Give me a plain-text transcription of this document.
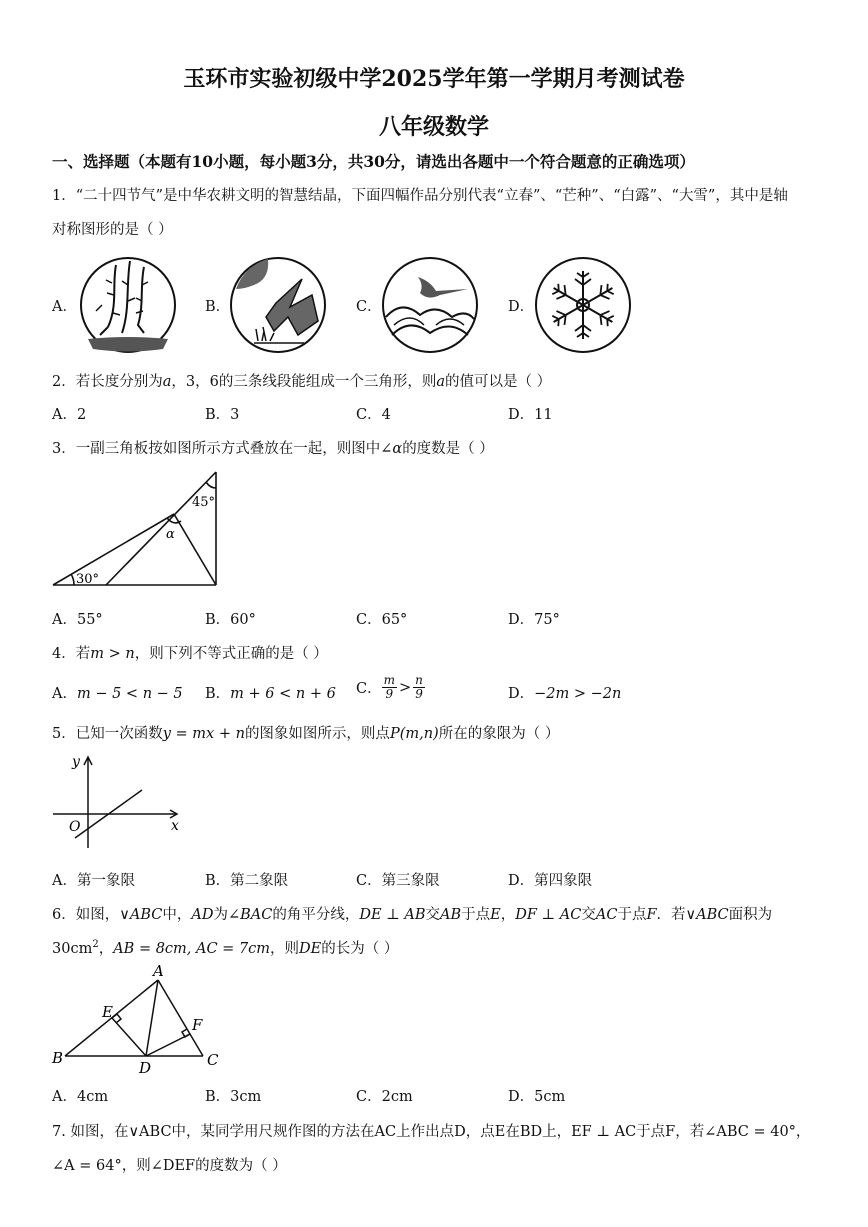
玉环市实验初级中学2025学年第一学期月考测试卷
八年级数学
一、选择题（本题有10小题，每小题3分，共30分，请选出各题中一个符合题意的正确选项）
1．“二十四节气”是中华农耕文明的智慧结晶，下面四幅作品分别代表“立春”、“芒种”、“白露”、“大雪”，其中是轴
对称图形的是（ ）
A．	B．	C．	D．
2．若长度分别为a，3，6的三条线段能组成一个三角形，则a的值可以是（ ）
A．2	B．3	C．4	D．11
3．一副三角板按如图所示方式叠放在一起，则图中∠α的度数是（ ）
45°
α
30°
A．55°	B．60°	C．65°	D．75°
4．若m > n，则下列不等式正确的是（ ）
A．m − 5 < n − 5 B．m + 6 < n + 6 C． $\frac{m}{9} > \frac{n}{9}$	D．−2m > −2n
5．已知一次函数y = mx + n的图象如图所示，则点P(m,n)所在的象限为（ ）
y
x
O
A．第一象限	B．第二象限	C．第三象限	D．第四象限
6．如图，∨ABC中，AD为∠BAC的角平分线，DE ⊥ AB交AB于点E，DF ⊥ AC交AC于点F．若∨ABC面积为
$30cm^2$，AB = 8cm, AC = 7cm，则DE的长为（ ）
A
B	C
D
E
F
A．4cm	B．3cm	C．2cm	D．5cm
7. 如图，在∨ABC中，某同学用尺规作图的方法在AC上作出点D，点E在BD上，EF ⊥ AC于点F，若∠ABC = 40°，
∠A = 64°，则∠DEF的度数为（ ）
